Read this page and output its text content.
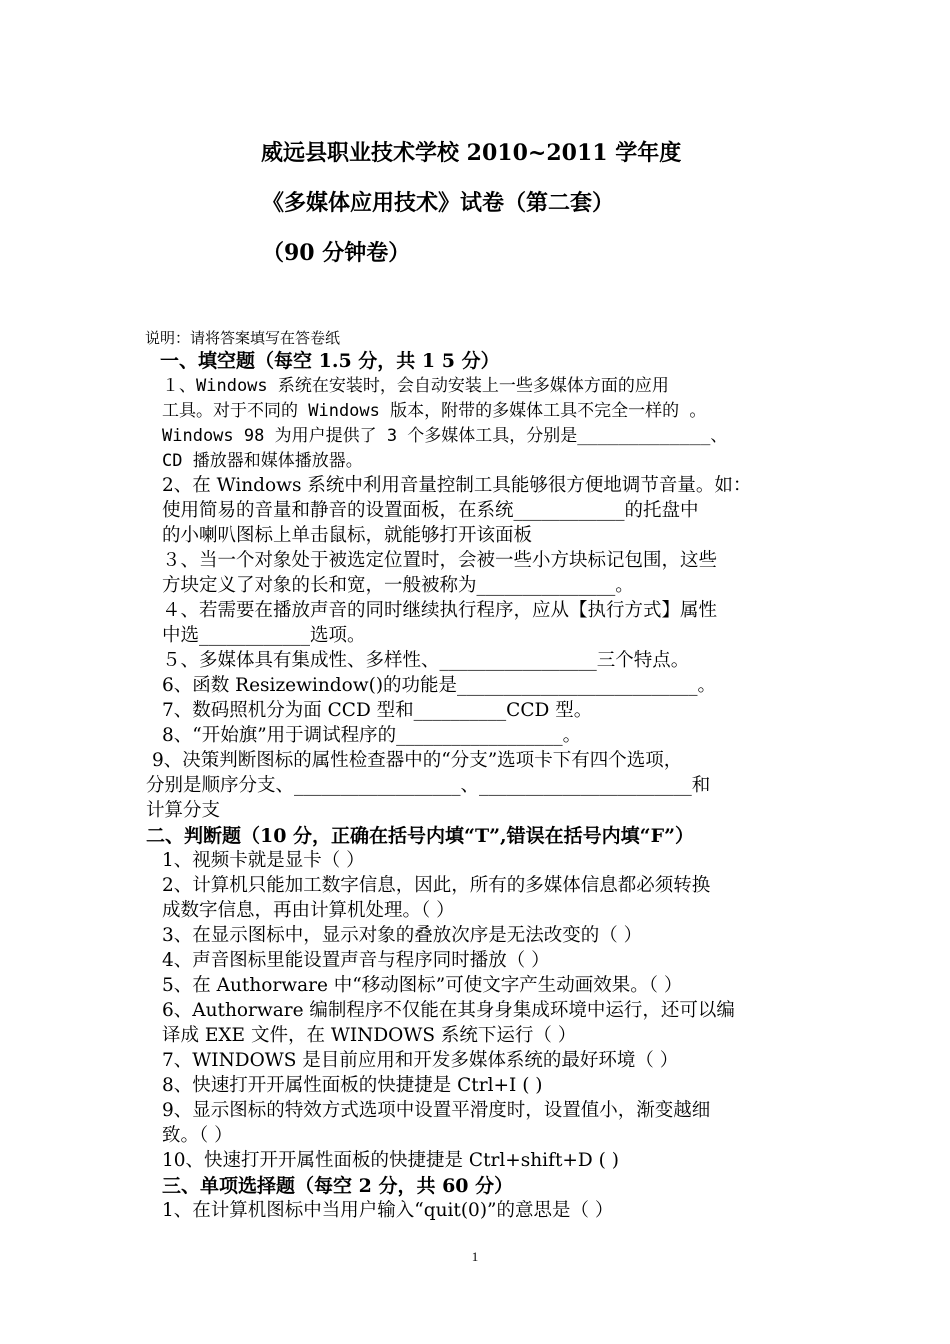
威远县职业技术学校 2010~2011 学年度
《多媒体应用技术》试卷（第二套）
（90 分钟卷）
说明：请将答案填写在答卷纸
一、填空题（每空 1.5 分，共 1 5 分）
１、Windows 系统在安装时，会自动安装上一些多媒体方面的应用
工具。对于不同的 Windows 版本，附带的多媒体工具不完全一样的 。
Windows 98 为用户提供了 3 个多媒体工具，分别是_____________、
CD 播放器和媒体播放器。
2、在 Windows 系统中利用音量控制工具能够很方便地调节音量。如：
使用简易的音量和静音的设置面板，在系统____________的托盘中
的小喇叭图标上单击鼠标，就能够打开该面板
３、当一个对象处于被选定位置时，会被一些小方块标记包围，这些
方块定义了对象的长和宽，一般被称为_______________。
４、若需要在播放声音的同时继续执行程序，应从【执行方式】属性
中选____________选项。
５、多媒体具有集成性、多样性、_________________三个特点。
6、函数 Resizewindow()的功能是__________________________。
7、数码照机分为面 CCD 型和__________CCD 型。
8、“开始旗”用于调试程序的__________________。
9、决策判断图标的属性检查器中的“分支”选项卡下有四个选项，
分别是顺序分支、__________________、_______________________和
计算分支
二、判断题（10 分，正确在括号内填“T”,错误在括号内填“F”）
1、视频卡就是显卡（ ）
2、计算机只能加工数字信息，因此，所有的多媒体信息都必须转换
成数字信息，再由计算机处理。（ ）
3、在显示图标中，显示对象的叠放次序是无法改变的（ ）
4、声音图标里能设置声音与程序同时播放（ ）
5、在 Authorware 中“移动图标”可使文字产生动画效果。（ ）
6、Authorware 编制程序不仅能在其身身集成环境中运行，还可以编
译成 EXE 文件，在 WINDOWS 系统下运行（ ）
7、WINDOWS 是目前应用和开发多媒体系统的最好环境（ ）
8、快速打开开属性面板的快捷捷是 Ctrl+I ( )
9、显示图标的特效方式选项中设置平滑度时，设置值小，渐变越细
致。（ ）
10、快速打开开属性面板的快捷捷是 Ctrl+shift+D ( )
三、单项选择题（每空 2 分，共 60 分）
1、在计算机图标中当用户输入“quit(0)”的意思是（ ）
1
